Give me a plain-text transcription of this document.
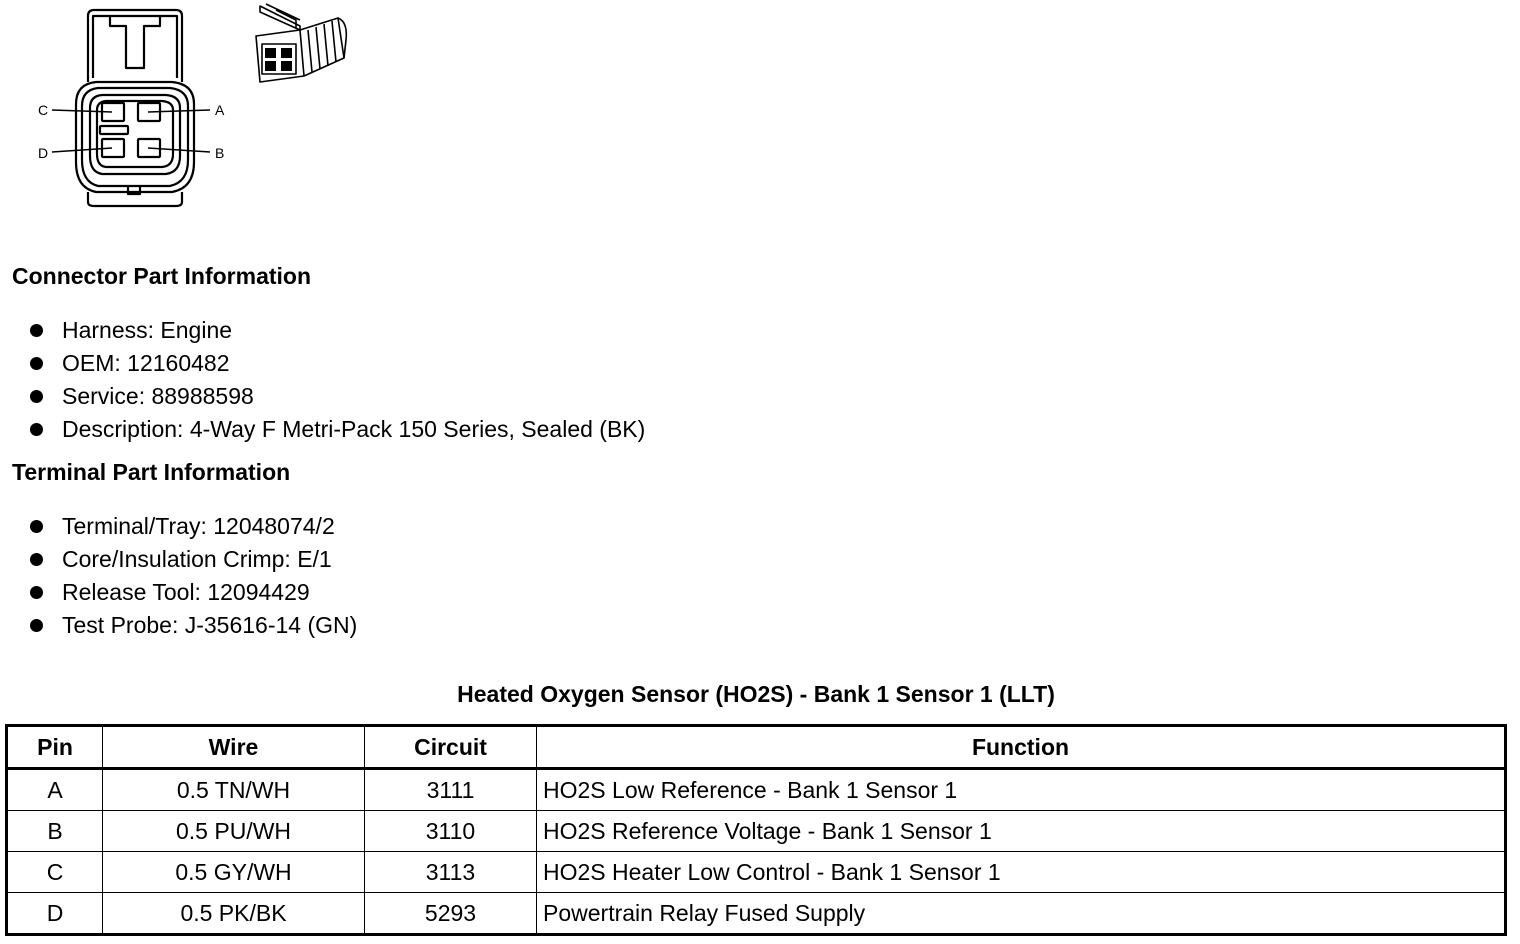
C	A
D	B
Connector Part Information
Harness: Engine
OEM: 12160482
Service: 88988598
Description: 4-Way F Metri-Pack 150 Series, Sealed (BK)
Terminal Part Information
Terminal/Tray: 12048074/2
Core/Insulation Crimp: E/1
Release Tool: 12094429
Test Probe: J-35616-14 (GN)
Heated Oxygen Sensor (HO2S) - Bank 1 Sensor 1 (LLT)
Pin	Wire	Circuit	Function
A	0.5 TN/WH	3111	HO2S Low Reference - Bank 1 Sensor 1
B	0.5 PU/WH	3110	HO2S Reference Voltage - Bank 1 Sensor 1
C	0.5 GY/WH	3113	HO2S Heater Low Control - Bank 1 Sensor 1
D	0.5 PK/BK	5293	Powertrain Relay Fused Supply
